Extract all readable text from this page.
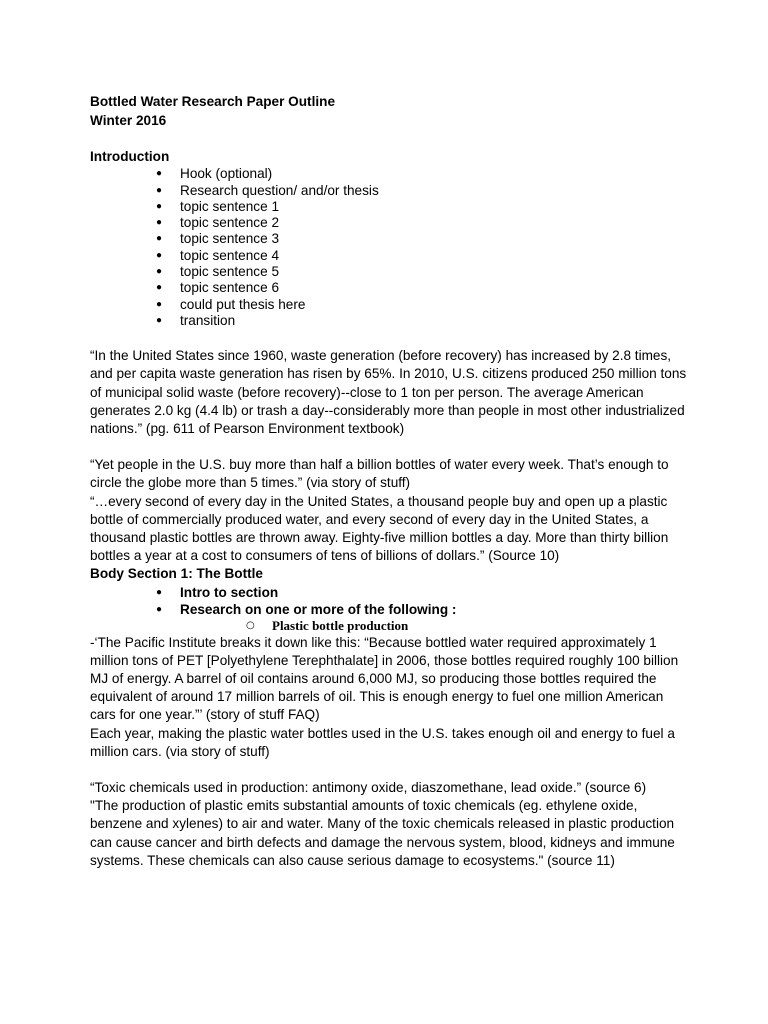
Bottled Water Research Paper Outline
Winter 2016
Introduction
● Hook (optional)
● Research question/ and/or thesis
● topic sentence 1
● topic sentence 2
● topic sentence 3
● topic sentence 4
● topic sentence 5
● topic sentence 6
● could put thesis here
● transition

“In the United States since 1960, waste generation (before recovery) has increased by 2.8 times, and per capita waste generation has risen by 65%. In 2010, U.S. citizens produced 250 million tons of municipal solid waste (before recovery)--close to 1 ton per person. The average American generates 2.0 kg (4.4 lb) or trash a day--considerably more than people in most other industrialized nations.” (pg. 611 of Pearson Environment textbook)

“Yet people in the U.S. buy more than half a billion bottles of water every week. That’s enough to circle the globe more than 5 times.” (via story of stuff)

“…every second of every day in the United States, a thousand people buy and open up a plastic bottle of commercially produced water, and every second of every day in the United States, a thousand plastic bottles are thrown away. Eighty-five million bottles a day. More than thirty billion bottles a year at a cost to consumers of tens of billions of dollars.” (Source 10)

Body Section 1: The Bottle
● Intro to section
● Research on one or more of the following :
○ Plastic bottle production

-‘The Pacific Institute breaks it down like this: “Because bottled water required approximately 1 million tons of PET [Polyethylene Terephthalate] in 2006, those bottles required roughly 100 billion MJ of energy. A barrel of oil contains around 6,000 MJ, so producing those bottles required the equivalent of around 17 million barrels of oil. This is enough energy to fuel one million American cars for one year.”’ (story of stuff FAQ)

Each year, making the plastic water bottles used in the U.S. takes enough oil and energy to fuel a million cars. (via story of stuff)

“Toxic chemicals used in production: antimony oxide, diaszomethane, lead oxide.” (source 6)

"The production of plastic emits substantial amounts of toxic chemicals (eg. ethylene oxide, benzene and xylenes) to air and water. Many of the toxic chemicals released in plastic production can cause cancer and birth defects and damage the nervous system, blood, kidneys and immune systems. These chemicals can also cause serious damage to ecosystems." (source 11)
